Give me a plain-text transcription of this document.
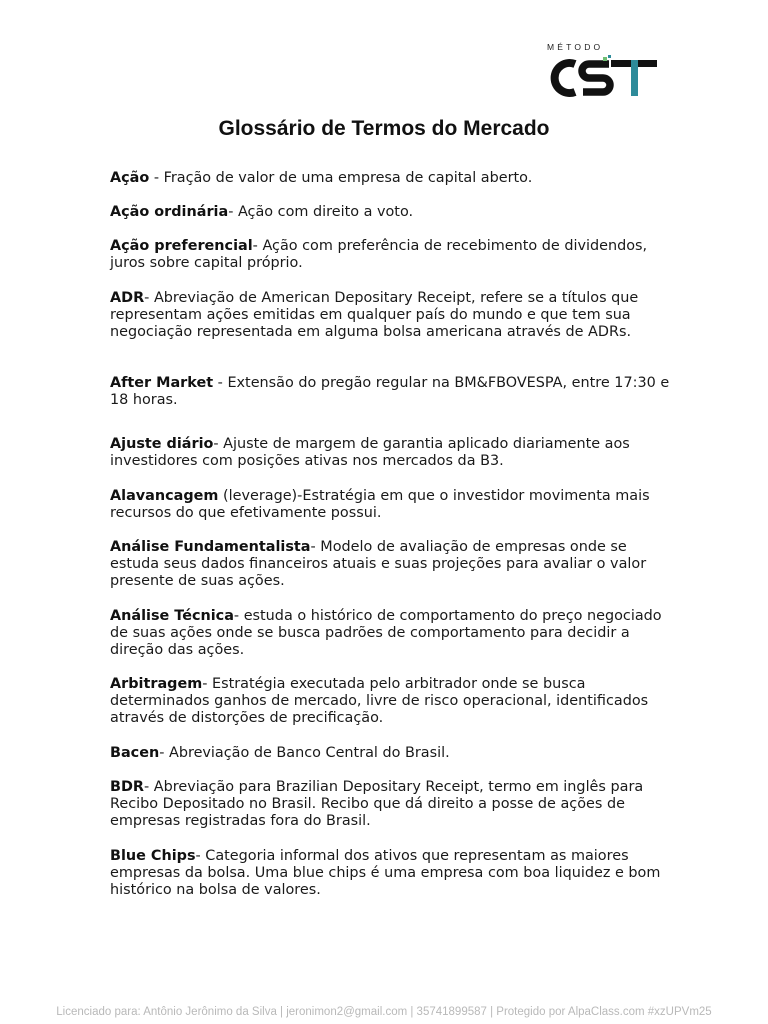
MÉTODO
Glossário de Termos do Mercado

Ação - Fração de valor de uma empresa de capital aberto.

Ação ordinária- Ação com direito a voto.

Ação preferencial- Ação com preferência de recebimento de dividendos, juros sobre capital próprio.

ADR- Abreviação de American Depositary Receipt, refere se a títulos que representam ações emitidas em qualquer país do mundo e que tem sua negociação representada em alguma bolsa americana através de ADRs.

After Market - Extensão do pregão regular na BM&FBOVESPA, entre 17:30 e 18 horas.

Ajuste diário- Ajuste de margem de garantia aplicado diariamente aos investidores com posições ativas nos mercados da B3.

Alavancagem (leverage)-Estratégia em que o investidor movimenta mais recursos do que efetivamente possui.

Análise Fundamentalista- Modelo de avaliação de empresas onde se estuda seus dados financeiros atuais e suas projeções para avaliar o valor presente de suas ações.

Análise Técnica- estuda o histórico de comportamento do preço negociado de suas ações onde se busca padrões de comportamento para decidir a direção das ações.

Arbitragem- Estratégia executada pelo arbitrador onde se busca determinados ganhos de mercado, livre de risco operacional, identificados através de distorções de precificação.

Bacen- Abreviação de Banco Central do Brasil.

BDR- Abreviação para Brazilian Depositary Receipt, termo em inglês para Recibo Depositado no Brasil. Recibo que dá direito a posse de ações de empresas registradas fora do Brasil.

Blue Chips- Categoria informal dos ativos que representam as maiores empresas da bolsa. Uma blue chips é uma empresa com boa liquidez e bom histórico na bolsa de valores.

Licenciado para: Antônio Jerônimo da Silva | jeronimon2@gmail.com | 35741899587 | Protegido por AlpaClass.com #xzUPVm25
